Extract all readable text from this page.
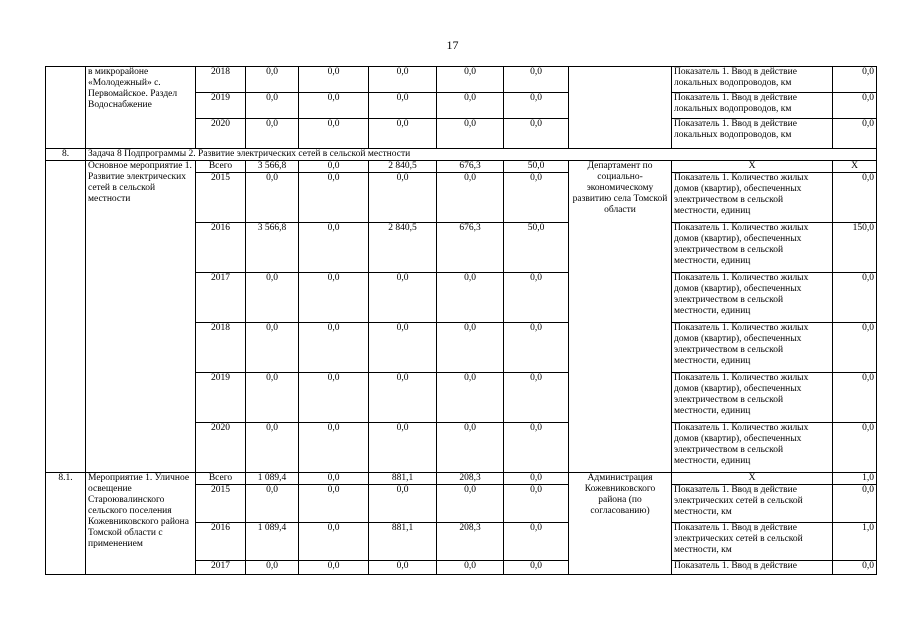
17
	в микрорайоне «Молодежный» с. Первомайское. Раздел Водоснабжение	2018	0,0	0,0	0,0	0,0	0,0		Показатель 1. Ввод в действие локальных водопроводов, км	0,0
		2019	0,0	0,0	0,0	0,0	0,0		Показатель 1. Ввод в действие локальных водопроводов, км	0,0
		2020	0,0	0,0	0,0	0,0	0,0		Показатель 1. Ввод в действие локальных водопроводов, км	0,0
8.	Задача 8 Подпрограммы 2. Развитие электрических сетей в сельской местности									
	Основное мероприятие 1. Развитие электрических сетей в сельской местности	Всего	3 566,8	0,0	2 840,5	676,3	50,0	Департамент по социально-экономическому развитию села Томской области	Х	Х
		2015	0,0	0,0	0,0	0,0	0,0		Показатель 1. Количество жилых домов (квартир), обеспеченных электричеством в сельской местности, единиц	0,0
		2016	3 566,8	0,0	2 840,5	676,3	50,0		Показатель 1. Количество жилых домов (квартир), обеспеченных электричеством в сельской местности, единиц	150,0
		2017	0,0	0,0	0,0	0,0	0,0		Показатель 1. Количество жилых домов (квартир), обеспеченных электричеством в сельской местности, единиц	0,0
		2018	0,0	0,0	0,0	0,0	0,0		Показатель 1. Количество жилых домов (квартир), обеспеченных электричеством в сельской местности, единиц	0,0
		2019	0,0	0,0	0,0	0,0	0,0		Показатель 1. Количество жилых домов (квартир), обеспеченных электричеством в сельской местности, единиц	0,0
		2020	0,0	0,0	0,0	0,0	0,0		Показатель 1. Количество жилых домов (квартир), обеспеченных электричеством в сельской местности, единиц	0,0
8.1.	Мероприятие 1. Уличное освещение Староювалинского сельского поселения Кожевниковского района Томской области с применением	Всего	1 089,4	0,0	881,1	208,3	0,0	Администрация Кожевниковского района (по согласованию)	Х	1,0
		2015	0,0	0,0	0,0	0,0	0,0		Показатель 1. Ввод в действие электрических сетей в сельской местности, км	0,0
		2016	1 089,4	0,0	881,1	208,3	0,0		Показатель 1. Ввод в действие электрических сетей в сельской местности, км	1,0
		2017	0,0	0,0	0,0	0,0	0,0		Показатель 1. Ввод в действие	0,0
